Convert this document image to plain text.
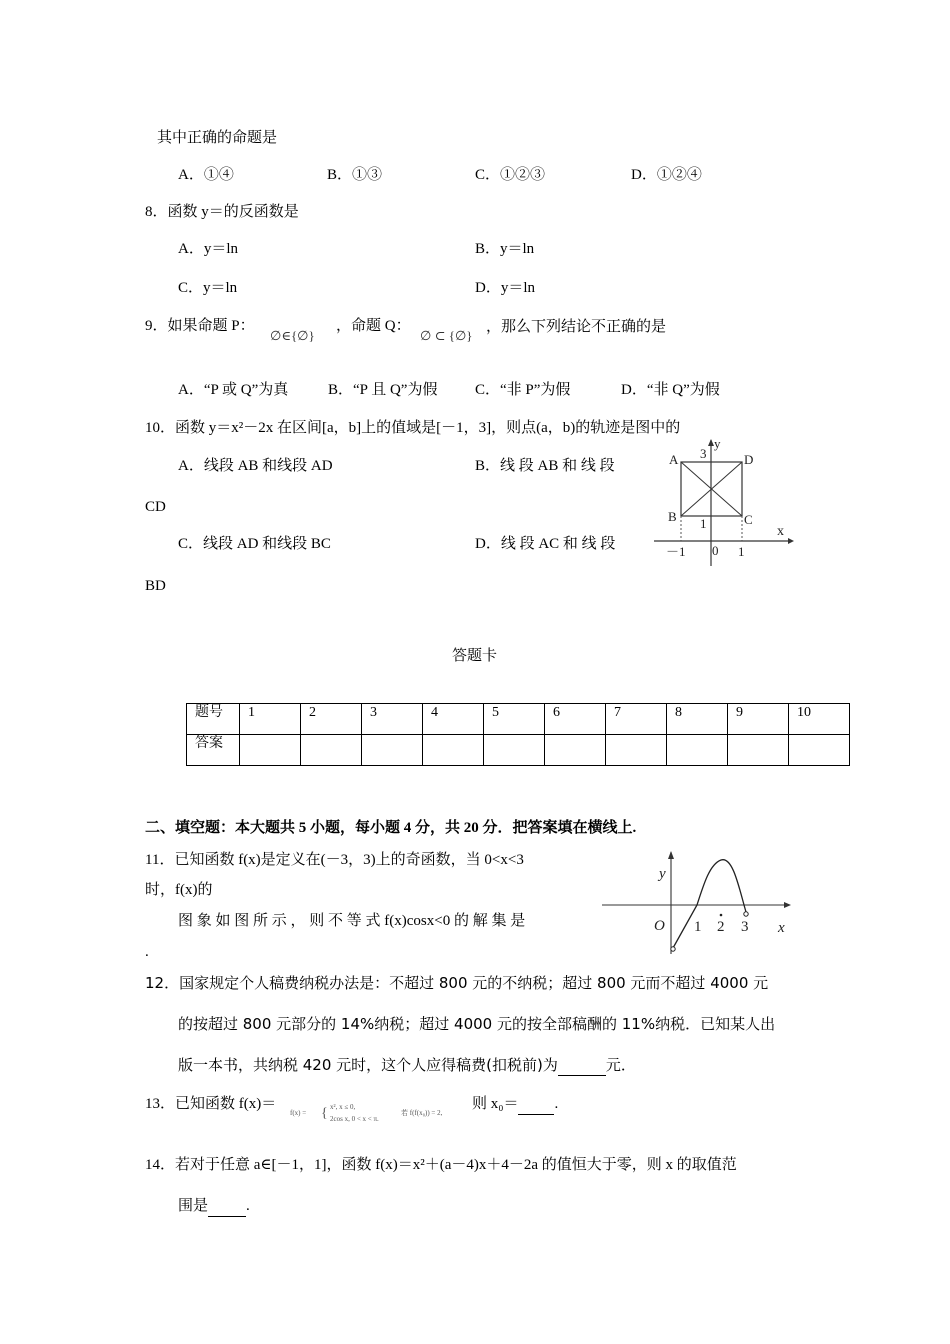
其中正确的命题是
A．①④	B．①③	C．①②③	D．①②④
8．函数 y＝的反函数是
A．y＝ln	B．y＝ln
C．y＝ln	D．y＝ln
9．如果命题 P：
∅∈{∅}
，命题 Q：
∅ ⊂ {∅}
，那么下列结论不正确的是
A．“P 或 Q”为真	B．“P 且 Q”为假	C．“非 P”为假	D．“非 Q”为假
10．函数 y＝x²－2x 在区间[a，b]上的值域是[－1，3]，则点(a，b)的轨迹是图中的
A．线段 AB 和线段 AD	B．线 段 AB 和 线 段
CD
C．线段 AD 和线段 BC	D．线 段 AC 和 线 段
BD
A	D
B	C
y
x
3
1
－1 0 1
答题卡
题号	1	2	3	4	5	6	7	8	9	10
答案										
二、填空题：本大题共 5 小题，每小题 4 分，共 20 分．把答案填在横线上.
11．已知函数 f(x)是定义在(－3，3)上的奇函数，当 0<x<3
时，f(x)的
图 象 如 图 所 示 ， 则 不 等 式 f(x)cosx<0 的 解 集 是
.
y
x
O 1 2 3
12．国家规定个人稿费纳税办法是：不超过 800 元的不纳税；超过 800 元而不超过 4000 元
的按超过 800 元部分的 14%纳税；超过 4000 元的按全部稿酬的 11%纳税．已知某人出
版一本书，共纳税 420 元时，这个人应得稿费(扣税前)为	元．
13．已知函数 f(x)＝
f(x) = { x², x ≤ 0,
2cos x, 0 < x < π.
若 f(f(x₀)) = 2,
则 x₀＝ .
14．若对于任意 a∈[－1，1]，函数 f(x)＝x²＋(a－4)x＋4－2a 的值恒大于零，则 x 的取值范
围是	.
